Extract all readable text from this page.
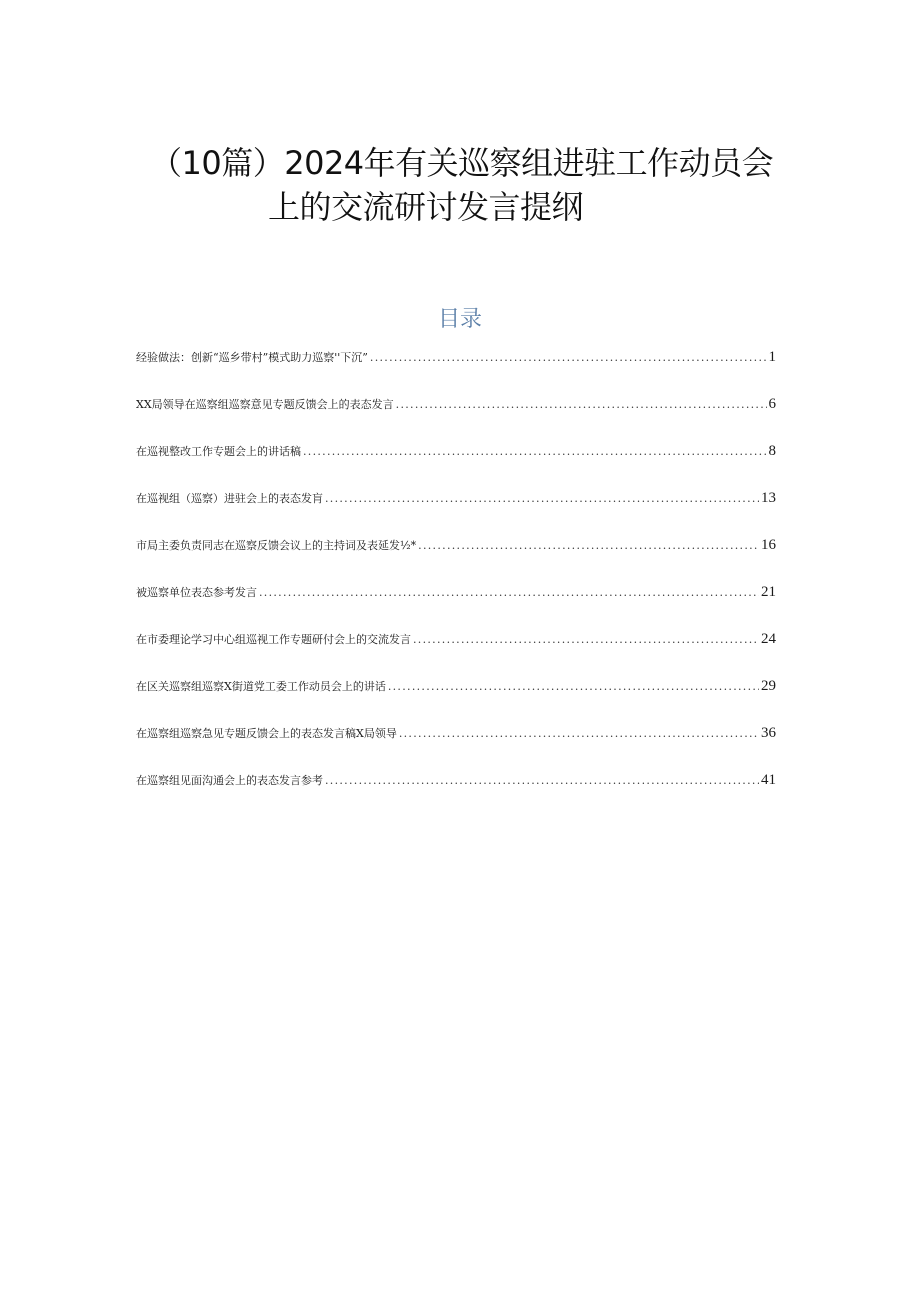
（10篇）2024年有关巡察组进驻工作动员会
上的交流研讨发言提纲
目录
经验做法：创新“巡乡带村”模式助力巡察''下沉” .....	1
XX局领导在巡察组巡察意见专题反馈会上的表态发言 .....	6
在巡视整改工作专题会上的讲话稿 .....	8
在巡视组（巡察）进驻会上的表态发肓 .....	13
市局主委负责同志在巡察反馈会议上的主持词及表延发½* .....	16
被巡察单位表态参考发言 .....	21
在市委理论学习中心组巡视工作专题研付会上的交流发言 .....	24
在区关巡察组巡察X街道党工委工作动员会上的讲话 .....	29
在巡察组巡察急见专题反馈会上的表态发言稿X局领导 .....	36
在巡察组见面沟通会上的表态发言参考 .....	41
